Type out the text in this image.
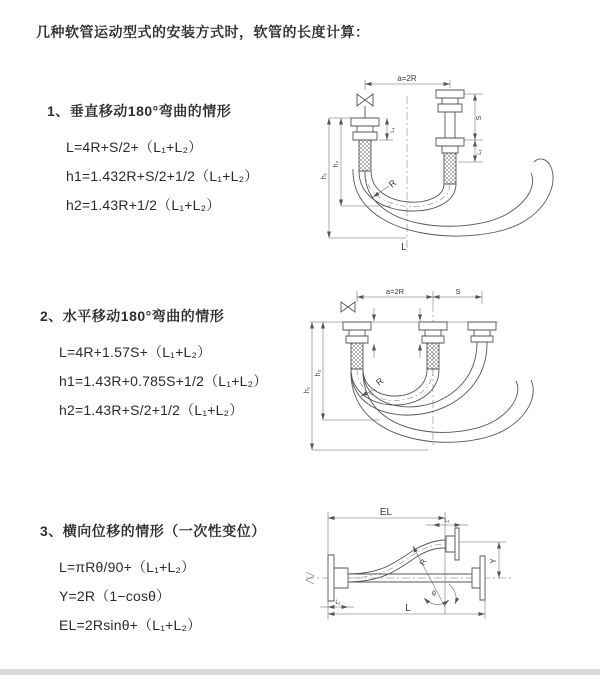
几种软管运动型式的安装方式时，软管的长度计算：
1、垂直移动180°弯曲的情形
L=4R+S/2+（L₁+L₂）
h1=1.432R+S/2+1/2（L₁+L₂）
h2=1.43R+1/2（L₁+L₂）
2、水平移动180°弯曲的情形
L=4R+1.57S+（L₁+L₂）
h1=1.43R+0.785S+1/2（L₁+L₂）
h2=1.43R+S/2+1/2（L₁+L₂）
3、横向位移的情形（一次性变位）
L=πRθ/90+（L₁+L₂）
Y=2R（1−cosθ）
EL=2Rsinθ+（L₁+L₂）
a=2R
R
h₁
h₂
L₁
S
L₁
L
a=2R	S
R
h₁
h₂
EL
L₁
Y
R
θ
L₁	L
